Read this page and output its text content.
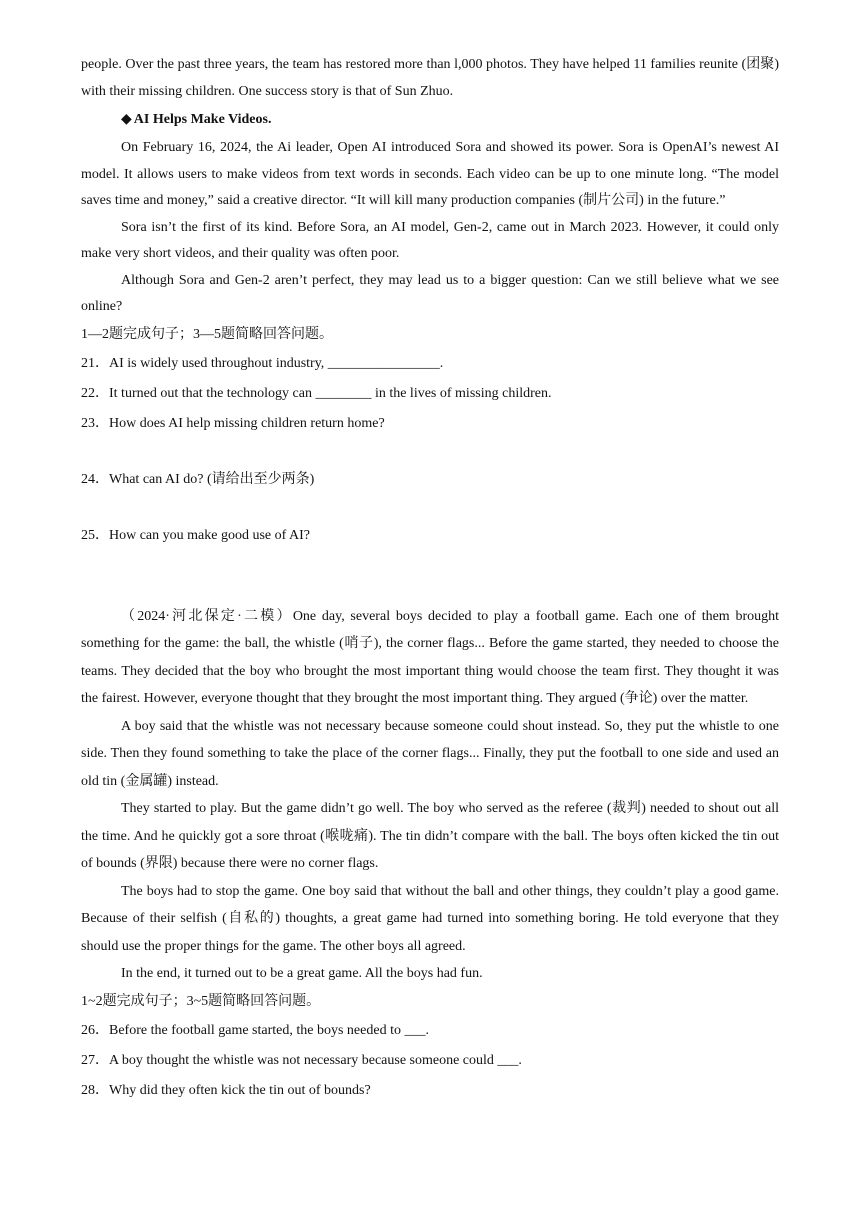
people. Over the past three years, the team has restored more than l,000 photos. They have helped 11 families reunite (团聚) with their missing children. One success story is that of Sun Zhuo.

◆ AI Helps Make Videos.

On February 16, 2024, the Ai leader, Open AI introduced Sora and showed its power. Sora is OpenAI’s newest AI model. It allows users to make videos from text words in seconds. Each video can be up to one minute long. “The model saves time and money,” said a creative director. “It will kill many production companies (制片公司) in the future.”

Sora isn’t the first of its kind. Before Sora, an AI model, Gen-2, came out in March 2023. However, it could only make very short videos, and their quality was often poor.

Although Sora and Gen-2 aren’t perfect, they may lead us to a bigger question: Can we still believe what we see online?

1—2题完成句子；3—5题简略回答问题。

21．AI is widely used throughout industry, ________________.

22．It turned out that the technology can ________ in the lives of missing children.

23．How does AI help missing children return home?

24．What can AI do? (请给出至少两条)

25．How can you make good use of AI?

（2024·河北保定·二模）One day, several boys decided to play a football game. Each one of them brought something for the game: the ball, the whistle (哨子), the corner flags... Before the game started, they needed to choose the teams. They decided that the boy who brought the most important thing would choose the team first. They thought it was the fairest. However, everyone thought that they brought the most important thing. They argued (争论) over the matter.

A boy said that the whistle was not necessary because someone could shout instead. So, they put the whistle to one side. Then they found something to take the place of the corner flags... Finally, they put the football to one side and used an old tin (金属罐) instead.

They started to play. But the game didn’t go well. The boy who served as the referee (裁判) needed to shout out all the time. And he quickly got a sore throat (喉咙痛). The tin didn’t compare with the ball. The boys often kicked the tin out of bounds (界限) because there were no corner flags.

The boys had to stop the game. One boy said that without the ball and other things, they couldn’t play a good game. Because of their selfish (自私的) thoughts, a great game had turned into something boring. He told everyone that they should use the proper things for the game. The other boys all agreed.

In the end, it turned out to be a great game. All the boys had fun.

1~2题完成句子；3~5题简略回答问题。

26．Before the football game started, the boys needed to ___.

27．A boy thought the whistle was not necessary because someone could ___.

28．Why did they often kick the tin out of bounds?
